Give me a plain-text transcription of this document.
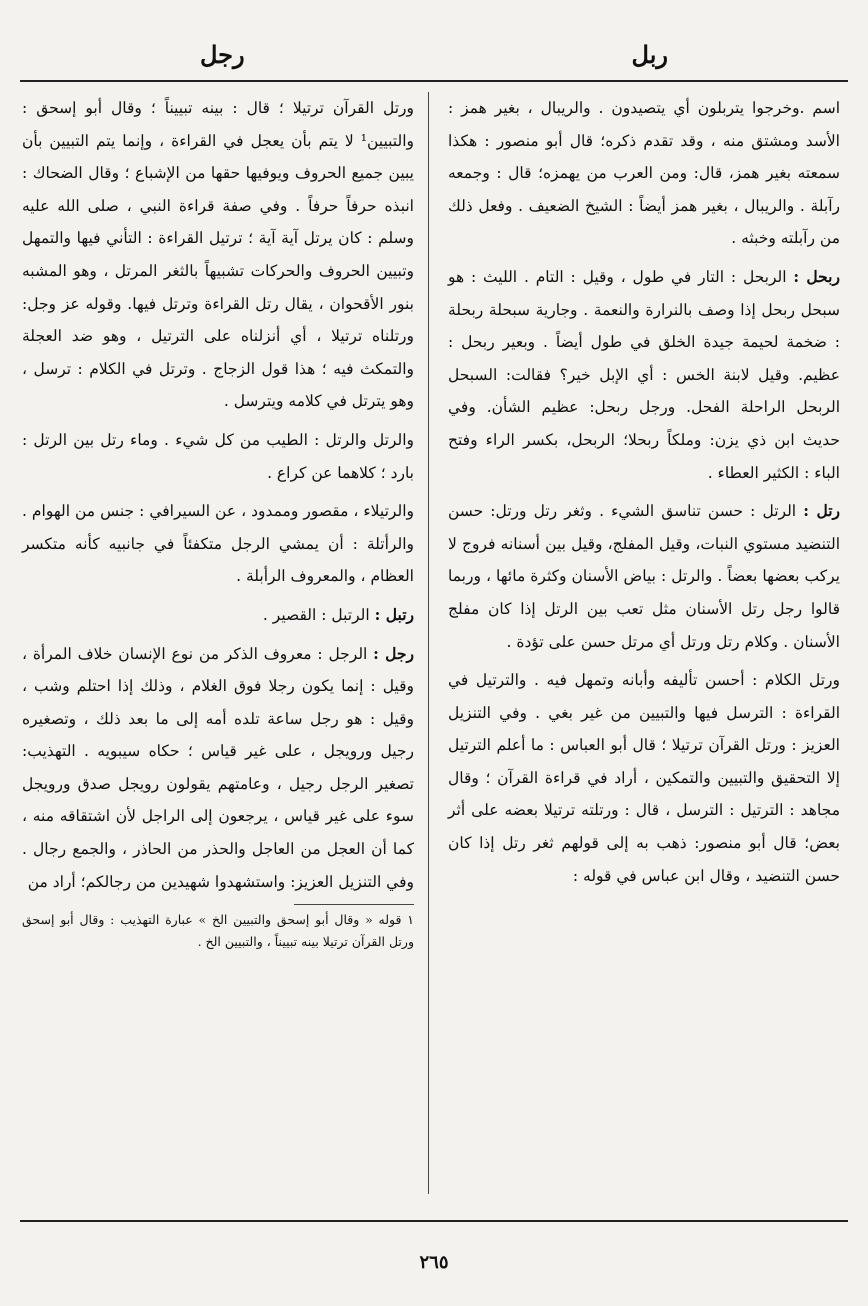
ربل
رجل

اسم .وخرجوا يتربلون أي يتصيدون . والريبال ، بغير همز : الأسد ومشتق منه ، وقد تقدم ذكره؛ قال أبو منصور : هكذا سمعته بغير همز، قال: ومن العرب من يهمزه؛ قال : وجمعه رآبلة . والريبال ، بغير همز أيضاً : الشيخ الضعيف . وفعل ذلك من رآبلته وخبثه .

ربحل : الربحل : التار في طول ، وقيل : التام . الليث : هو سبحل ربحل إذا وصف بالنرارة والنعمة . وجارية سبحلة ربحلة : ضخمة لحيمة جيدة الخلق في طول أيضاً . وبعير ربحل : عظيم. وقيل لابنة الخس : أي الإبل خير؟ فقالت: السبحل الربحل الراحلة الفحل. ورجل ربحل: عظيم الشأن. وفي حديث ابن ذي يزن: وملكاً ربحلا؛ الربحل، بكسر الراء وفتح الباء : الكثير العطاء .

رتل : الرتل : حسن تناسق الشيء . وثغر رتل ورتل: حسن التنضيد مستوي النبات، وقيل المفلج، وقيل بين أسنانه فروج لا يركب بعضها بعضاً . والرتل : بياض الأسنان وكثرة مائها ، وربما قالوا رجل رتل الأسنان مثل تعب بين الرتل إذا كان مفلج الأسنان . وكلام رتل ورتل أي مرتل حسن على تؤدة .

ورتل الكلام : أحسن تأليفه وأبانه وتمهل فيه . والترتيل في القراءة : الترسل فيها والتبيين من غير بغي . وفي التنزيل العزيز : ورتل القرآن ترتيلا ؛ قال أبو العباس : ما أعلم الترتيل إلا التحقيق والتبيين والتمكين ، أراد في قراءة القرآن ؛ وقال مجاهد : الترتيل : الترسل ، قال : ورتلته ترتيلا بعضه على أثر بعض؛ قال أبو منصور: ذهب به إلى قولهم ثغر رتل إذا كان حسن التنضيد ، وقال ابن عباس في قوله :

ورتل القرآن ترتيلا ؛ قال : بينه تبييناً ؛ وقال أبو إسحق : والتبيين¹ لا يتم بأن يعجل في القراءة ، وإنما يتم التبيين بأن يبين جميع الحروف ويوفيها حقها من الإشباع ؛ وقال الضحاك : انبذه حرفاً حرفاً . وفي صفة قراءة النبي ، صلى الله عليه وسلم : كان يرتل آية آية ؛ ترتيل القراءة : التأني فيها والتمهل وتبيين الحروف والحركات تشبيهاً بالثغر المرتل ، وهو المشبه بنور الأقحوان ، يقال رتل القراءة وترتل فيها. وقوله عز وجل: ورتلناه ترتيلا ، أي أنزلناه على الترتيل ، وهو ضد العجلة والتمكث فيه ؛ هذا قول الزجاج . وترتل في الكلام : ترسل ، وهو يترتل في كلامه ويترسل .

والرتل والرتل : الطيب من كل شيء . وماء رتل بين الرتل : بارد ؛ كلاهما عن كراع .

والرتيلاء ، مقصور وممدود ، عن السيرافي : جنس من الهوام . والرأتلة : أن يمشي الرجل متكفئاً في جانبيه كأنه متكسر العظام ، والمعروف الرأبلة .

رتبل : الرتبل : القصير .

رجل : الرجل : معروف الذكر من نوع الإنسان خلاف المرأة ، وقيل : إنما يكون رجلا فوق الغلام ، وذلك إذا احتلم وشب ، وقيل : هو رجل ساعة تلده أمه إلى ما بعد ذلك ، وتصغيره رجيل ورويجل ، على غير قياس ؛ حكاه سيبويه . التهذيب: تصغير الرجل رجيل ، وعامتهم يقولون رويجل صدق ورويجل سوء على غير قياس ، يرجعون إلى الراجل لأن اشتقاقه منه ، كما أن العجل من العاجل والحذر من الحاذر ، والجمع رجال . وفي التنزيل العزيز: واستشهدوا شهيدين من رجالكم؛ أراد من

١ قوله « وقال أبو إسحق والتبيين الخ » عبارة التهذيب : وقال أبو إسحق ورتل القرآن ترتيلا بينه تبييناً ، والتبيين الخ .
٢٦٥
